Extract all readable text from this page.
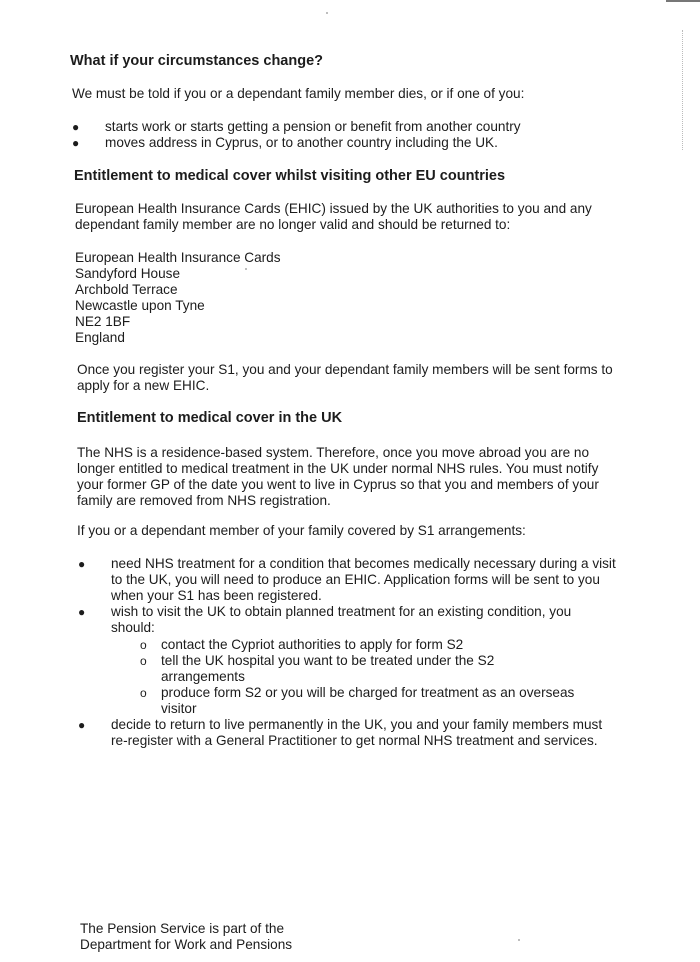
What if your circumstances change?

We must be told if you or a dependant family member dies, or if one of you:

● starts work or starts getting a pension or benefit from another country
● moves address in Cyprus, or to another country including the UK.
Entitlement to medical cover whilst visiting other EU countries

European Health Insurance Cards (EHIC) issued by the UK authorities to you and any dependant family member are no longer valid and should be returned to:

European Health Insurance Cards
Sandyford House
Archbold Terrace
Newcastle upon Tyne
NE2 1BF
England

Once you register your S1, you and your dependant family members will be sent forms to apply for a new EHIC.

Entitlement to medical cover in the UK

The NHS is a residence-based system. Therefore, once you move abroad you are no longer entitled to medical treatment in the UK under normal NHS rules. You must notify your former GP of the date you went to live in Cyprus so that you and members of your family are removed from NHS registration.

If you or a dependant member of your family covered by S1 arrangements:

● need NHS treatment for a condition that becomes medically necessary during a visit to the UK, you will need to produce an EHIC. Application forms will be sent to you when your S1 has been registered.
● wish to visit the UK to obtain planned treatment for an existing condition, you should:
o contact the Cypriot authorities to apply for form S2
o tell the UK hospital you want to be treated under the S2 arrangements
o produce form S2 or you will be charged for treatment as an overseas visitor
● decide to return to live permanently in the UK, you and your family members must re-register with a General Practitioner to get normal NHS treatment and services.
The Pension Service is part of the
Department for Work and Pensions
